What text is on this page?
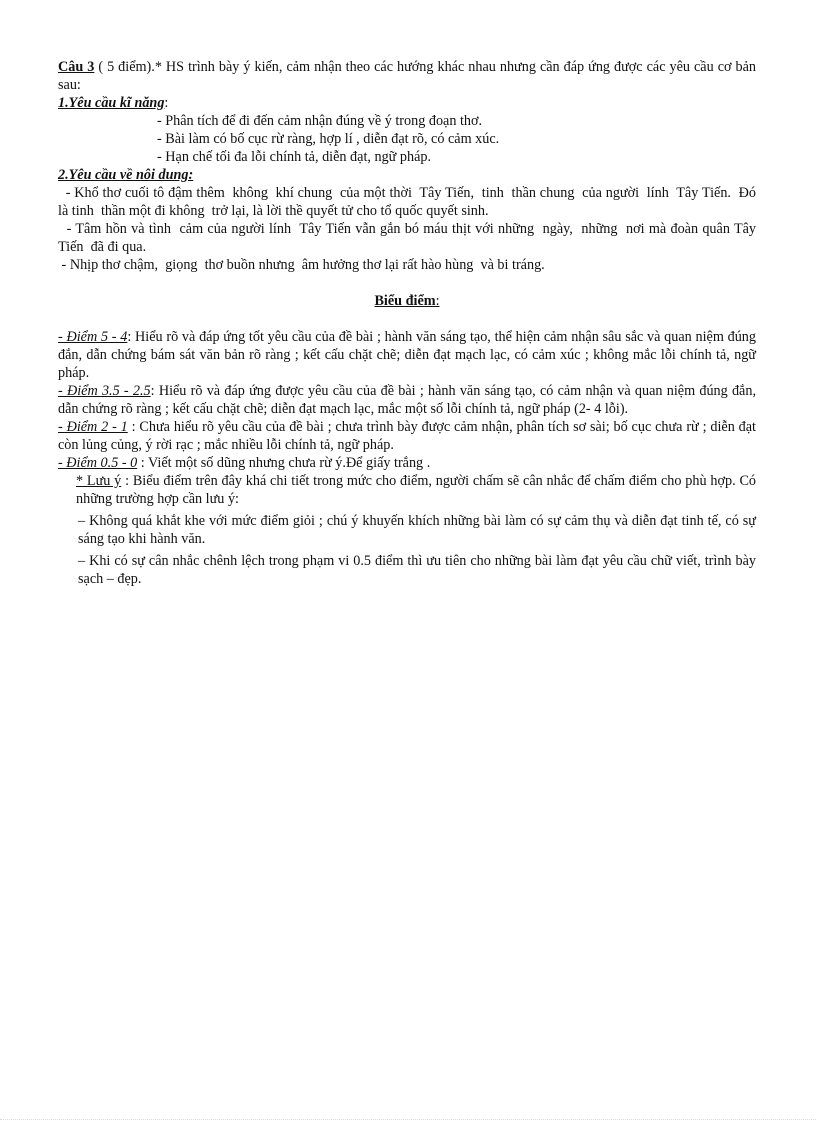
Câu 3 ( 5 điểm).* HS trình bày ý kiến, cảm nhận theo các hướng khác nhau nhưng cần đáp ứng được các yêu cầu cơ bản sau:

1.Yêu cầu kĩ năng:

- Phân tích để đi đến cảm nhận đúng về ý trong đoạn thơ.

- Bài làm có bố cục rừ ràng, hợp lí , diễn đạt rõ, có cảm xúc.

- Hạn chế tối đa lỗi chính tả, diễn đạt, ngữ pháp.

2.Yêu cầu về nôi dung:

- Khổ thơ cuối tô đậm thêm  không  khí chung  của một thời  Tây Tiến,  tinh  thần chung  của người  lính  Tây Tiến.  Đó là tinh  thần một đi không  trở lại, là lời thề quyết tử cho tổ quốc quyết sinh.

- Tâm hồn và tình  cảm của người lính  Tây Tiến vẫn gắn bó máu thịt với những  ngày,  những  nơi mà đoàn quân Tây Tiến  đã đi qua.

- Nhịp thơ chậm,  giọng  thơ buồn nhưng  âm hưởng thơ lại rất hào hùng  và bi tráng.

Biểu điểm:

- Điểm 5 - 4: Hiểu rõ và đáp ứng tốt yêu cầu của đề bài ; hành văn sáng tạo, thể hiện cảm nhận sâu sắc và quan niệm đúng đắn, dẫn chứng bám sát văn bản rõ ràng ; kết cấu chặt chẽ; diễn đạt mạch lạc, có cảm xúc ; không mắc lỗi chính tả, ngữ pháp.

- Điểm 3.5 - 2.5: Hiểu rõ và đáp ứng được yêu cầu của đề bài ; hành văn sáng tạo, có cảm nhận và quan niệm đúng đắn, dẫn chứng rõ ràng ; kết cấu chặt chẽ; diễn đạt mạch lạc, mắc một số lỗi chính tả, ngữ pháp (2- 4 lỗi).

- Điểm 2 - 1 : Chưa hiểu rõ yêu cầu của đề bài ; chưa trình bày được cảm nhận, phân tích sơ sài; bố cục chưa rừ ; diễn đạt còn lủng củng, ý rời rạc ; mắc nhiều lỗi chính tả, ngữ pháp.

- Điểm 0.5 - 0 : Viết một số dũng nhưng chưa rừ ý.Để giấy trắng .

* Lưu ý : Biểu điểm trên đây khá chi tiết trong mức cho điểm, người chấm sẽ cân nhắc để chấm điểm cho phù hợp. Có những trường hợp cần lưu ý:

– Không quá khắt khe với mức điểm giỏi ; chú ý khuyến khích những bài làm có sự cảm thụ và diễn đạt tinh tế, có sự sáng tạo khi hành văn.

– Khi có sự cân nhắc chênh lệch trong phạm vi 0.5 điểm thì ưu tiên cho những bài làm đạt yêu cầu chữ viết, trình bày sạch – đẹp.
